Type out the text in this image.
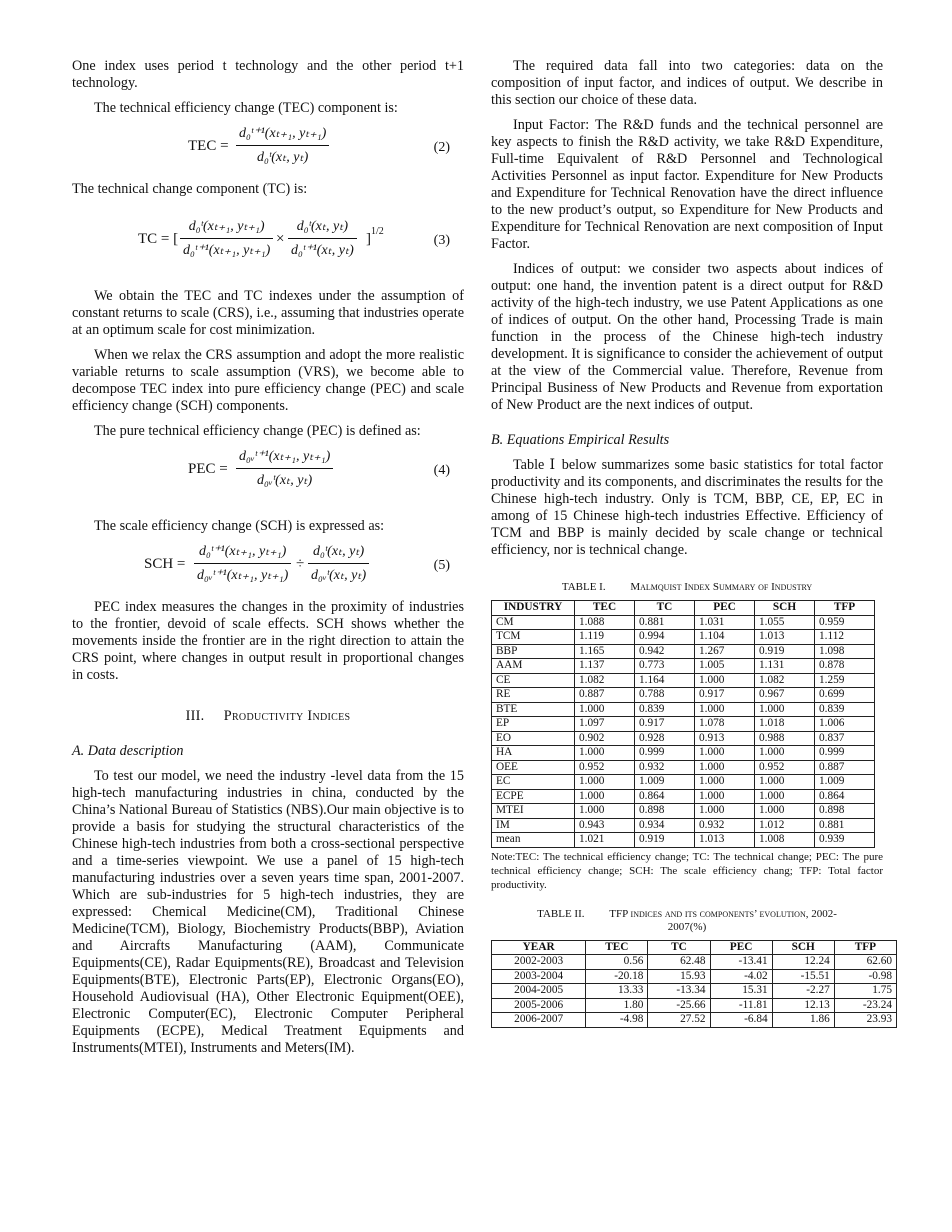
One index uses period t technology and the other period t+1 technology.

The technical efficiency change (TEC) component is:

TEC = $\frac{\text{d₀ᵗ⁺¹(xₜ₊₁, yₜ₊₁)}}{\text{d₀ᵗ(xₜ, yₜ)}}$	(2)

The technical change component (TC) is:

TC = [ $\frac{\text{d₀ᵗ(xₜ₊₁, yₜ₊₁)}}{\text{d₀ᵗ⁺¹(xₜ₊₁, yₜ₊₁)}} \times \frac{\text{d₀ᵗ(xₜ, yₜ)}}{\text{d₀ᵗ⁺¹(xₜ, yₜ)}}$ ] 1/2
(3)

We obtain the TEC and TC indexes under the assumption of constant returns to scale (CRS), i.e., assuming that industries operate at an optimum scale for cost minimization.

When we relax the CRS assumption and adopt the more realistic variable returns to scale assumption (VRS), we become able to decompose TEC index into pure efficiency change (PEC) and scale efficiency change (SCH) components.

The pure technical efficiency change (PEC) is defined as:

PEC = $\frac{\text{d₀ᵥᵗ⁺¹(xₜ₊₁, yₜ₊₁)}}{\text{d₀ᵥᵗ(xₜ, yₜ)}}$	(4)

The scale efficiency change (SCH) is expressed as:

SCH = $\frac{\text{d₀ᵗ⁺¹(xₜ₊₁, yₜ₊₁)}}{\text{d₀ᵥᵗ⁺¹(xₜ₊₁, yₜ₊₁)}} \div \frac{\text{d₀ᵗ(xₜ, yₜ)}}{\text{d₀ᵥᵗ(xₜ, yₜ)}}$	(5)

PEC index measures the changes in the proximity of industries to the frontier, devoid of scale effects. SCH shows whether the movements inside the frontier are in the right direction to attain the CRS point, where changes in output result in proportional changes in costs.

III. Productivity Indices
A. Data description

To test our model, we need the industry -level data from the 15 high-tech manufacturing industries in china, conducted by the China’s National Bureau of Statistics (NBS).Our main objective is to provide a basis for studying the structural characteristics of the Chinese high-tech industries from both a cross-sectional perspective and a time-series viewpoint. We use a panel of 15 high-tech manufacturing industries over a seven years time span, 2001-2007. Which are sub-industries for 5 high-tech industries, they are expressed: Chemical Medicine(CM), Traditional Chinese Medicine(TCM), Biology, Biochemistry Products(BBP), Aviation and Aircrafts Manufacturing (AAM), Communicate Equipments(CE), Radar Equipments(RE), Broadcast and Television Equipments(BTE), Electronic Parts(EP), Electronic Organs(EO), Household Audiovisual (HA), Other Electronic Equipment(OEE), Electronic Computer(EC), Electronic Computer Peripheral Equipments (ECPE), Medical Treatment Equipments and Instruments(MTEI), Instruments and Meters(IM).

The required data fall into two categories: data on the composition of input factor, and indices of output. We describe in this section our choice of these data.

Input Factor: The R&D funds and the technical personnel are key aspects to finish the R&D activity, we take R&D Expenditure, Full-time Equivalent of R&D Personnel and Technological Activities Personnel as input factor. Expenditure for New Products and Expenditure for Technical Renovation have the direct influence to the new product’s output, so Expenditure for New Products and Expenditure for Technical Renovation are next composition of Input Factor.

Indices of output: we consider two aspects about indices of output: one hand, the invention patent is a direct output for R&D activity of the high-tech industry, we use Patent Applications as one of indices of output. On the other hand, Processing Trade is main function in the process of the Chinese high-tech industry development. It is significance to consider the achievement of output at the view of the Commercial value. Therefore, Revenue from Principal Business of New Products and Revenue from exportation of New Product are the next indices of output.

B. Equations Empirical Results

Table Ⅰ below summarizes some basic statistics for total factor productivity and its components, and discriminates the results for the Chinese high-tech industry. Only is TCM, BBP, CE, EP, EC in among of 15 Chinese high-tech industries Effective. Efficiency of TCM and BBP is mainly decided by scale change or technical efficiency, nor is technical change.

TABLE I. Malmquist Index Summary of Industry
INDUSTRY	TEC	TC	PEC	SCH	TFP
CM	1.088	0.881	1.031	1.055	0.959
TCM	1.119	0.994	1.104	1.013	1.112
BBP	1.165	0.942	1.267	0.919	1.098
AAM	1.137	0.773	1.005	1.131	0.878
CE	1.082	1.164	1.000	1.082	1.259
RE	0.887	0.788	0.917	0.967	0.699
BTE	1.000	0.839	1.000	1.000	0.839
EP	1.097	0.917	1.078	1.018	1.006
EO	0.902	0.928	0.913	0.988	0.837
HA	1.000	0.999	1.000	1.000	0.999
OEE	0.952	0.932	1.000	0.952	0.887
EC	1.000	1.009	1.000	1.000	1.009
ECPE	1.000	0.864	1.000	1.000	0.864
MTEI	1.000	0.898	1.000	1.000	0.898
IM	0.943	0.934	0.932	1.012	0.881
mean	1.021	0.919	1.013	1.008	0.939
Note:TEC: The technical efficiency change; TC: The technical change; PEC: The pure technical efficiency change; SCH: The scale efficiency chang; TFP: Total factor productivity.
TABLE II. TFP indices and its components’ evolution, 2002-2007(%)
YEAR	TEC	TC	PEC	SCH	TFP
2002-2003	0.56	62.48	-13.41	12.24	62.60
2003-2004	-20.18	15.93	-4.02	-15.51	-0.98
2004-2005	13.33	-13.34	15.31	-2.27	1.75
2005-2006	1.80	-25.66	-11.81	12.13	-23.24
2006-2007	-4.98	27.52	-6.84	1.86	23.93
